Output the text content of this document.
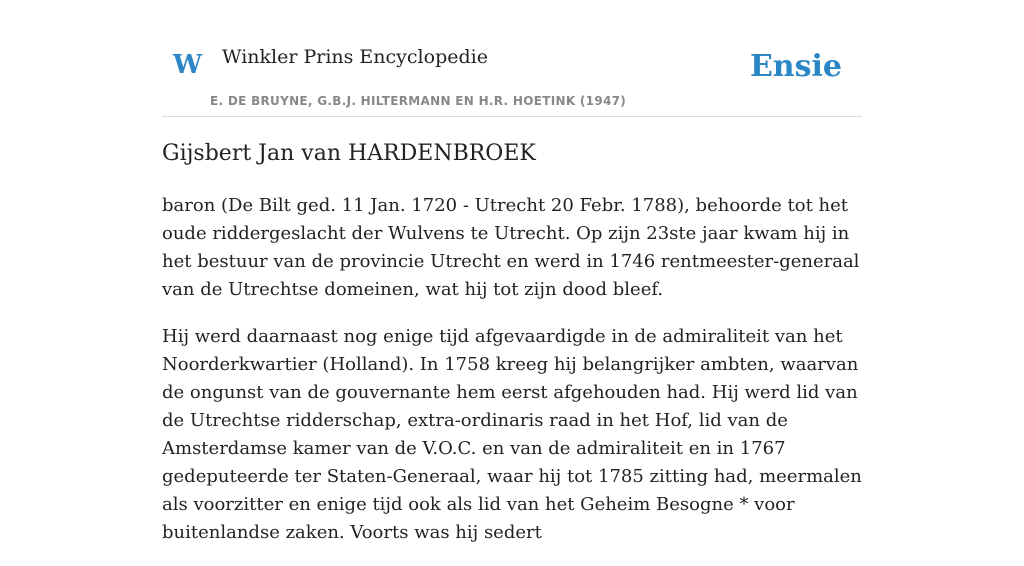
W Winkler Prins Encyclopedie
E. DE BRUYNE, G.B.J. HILTERMANN EN H.R. HOETINK (1947)
Ensie
Gijsbert Jan van HARDENBROEK

baron (De Bilt ged. 11 Jan. 1720 - Utrecht 20 Febr. 1788), behoorde tot het oude riddergeslacht der Wulvens te Utrecht. Op zijn 23ste jaar kwam hij in het bestuur van de provincie Utrecht en werd in 1746 rentmeester-generaal van de Utrechtse domeinen, wat hij tot zijn dood bleef.

Hij werd daarnaast nog enige tijd afgevaardigde in de admiraliteit van het Noorderkwartier (Holland). In 1758 kreeg hij belangrijker ambten, waarvan de ongunst van de gouvernante hem eerst afgehouden had. Hij werd lid van de Utrechtse ridderschap, extra-ordinaris raad in het Hof, lid van de Amsterdamse kamer van de V.O.C. en van de admiraliteit en in 1767 gedeputeerde ter Staten-Generaal, waar hij tot 1785 zitting had, meermalen als voorzitter en enige tijd ook als lid van het Geheim Besogne * voor buitenlandse zaken. Voorts was hij sedert
